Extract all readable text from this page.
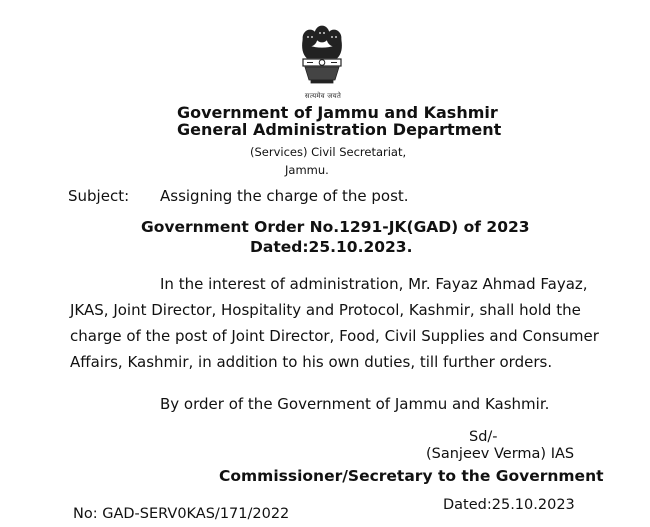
सत्यमेव जयते
Government of Jammu and Kashmir
General Administration Department
(Services) Civil Secretariat,
Jammu.
Subject: Assigning the charge of the post.
Government Order No.1291-JK(GAD) of 2023
Dated:25.10.2023.
In the interest of administration, Mr. Fayaz Ahmad Fayaz,
JKAS, Joint Director, Hospitality and Protocol, Kashmir, shall hold the
charge of the post of Joint Director, Food, Civil Supplies and Consumer
Affairs, Kashmir, in addition to his own duties, till further orders.
By order of the Government of Jammu and Kashmir.
Sd/-
(Sanjeev Verma) IAS
Commissioner/Secretary to the Government
No: GAD-SERV0KAS/171/2022
Dated:25.10.2023
